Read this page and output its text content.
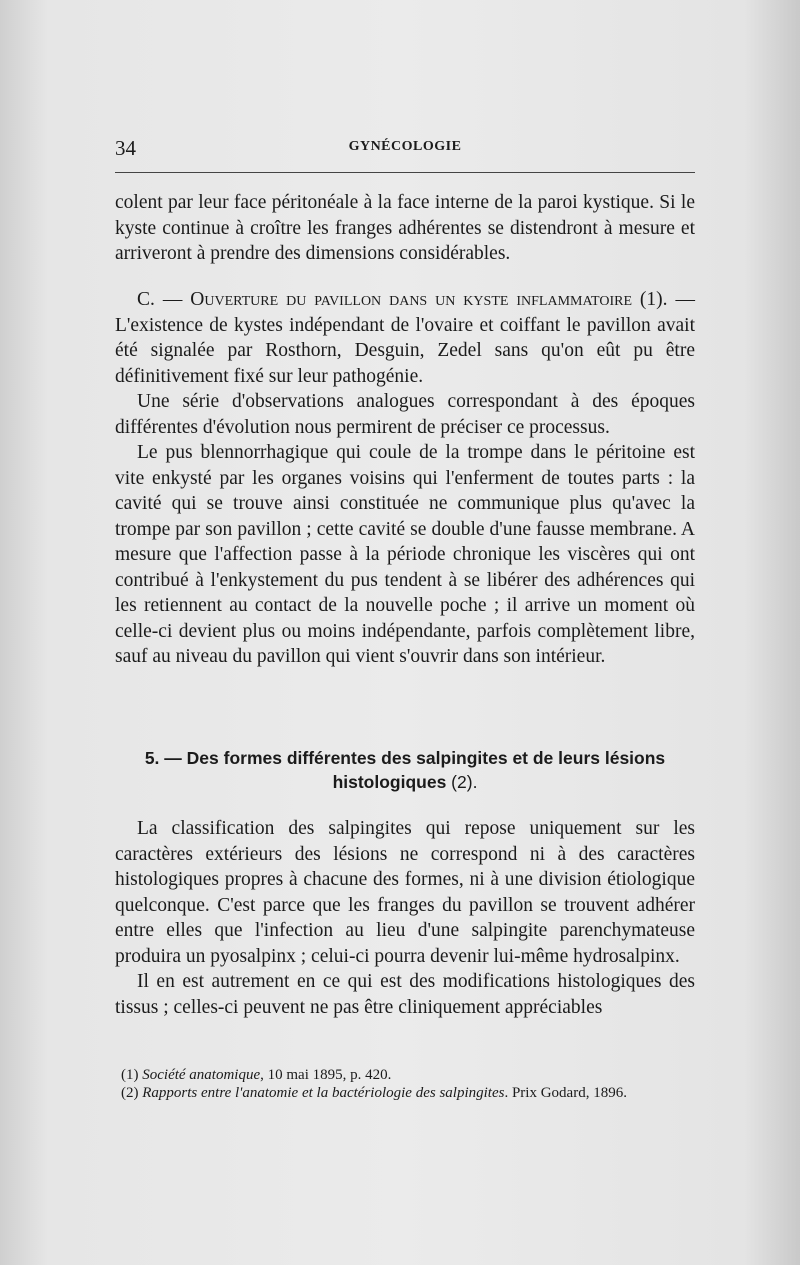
34	GYNÉCOLOGIE

colent par leur face péritonéale à la face interne de la paroi kystique. Si le kyste continue à croître les franges adhérentes se distendront à mesure et arriveront à prendre des dimensions considérables.

C. — Ouverture du pavillon dans un kyste inflammatoire (1). — L'existence de kystes indépendant de l'ovaire et coiffant le pavillon avait été signalée par Rosthorn, Desguin, Zedel sans qu'on eût pu être définitivement fixé sur leur pathogénie.

Une série d'observations analogues correspondant à des époques différentes d'évolution nous permirent de préciser ce processus.

Le pus blennorrhagique qui coule de la trompe dans le péritoine est vite enkysté par les organes voisins qui l'enferment de toutes parts : la cavité qui se trouve ainsi constituée ne communique plus qu'avec la trompe par son pavillon ; cette cavité se double d'une fausse membrane. A mesure que l'affection passe à la période chronique les viscères qui ont contribué à l'enkystement du pus tendent à se libérer des adhérences qui les retiennent au contact de la nouvelle poche ; il arrive un moment où celle-ci devient plus ou moins indépendante, parfois complètement libre, sauf au niveau du pavillon qui vient s'ouvrir dans son intérieur.

5. — Des formes différentes des salpingites et de leurs lésions histologiques (2).

La classification des salpingites qui repose uniquement sur les caractères extérieurs des lésions ne correspond ni à des caractères histologiques propres à chacune des formes, ni à une division étiologique quelconque. C'est parce que les franges du pavillon se trouvent adhérer entre elles que l'infection au lieu d'une salpingite parenchymateuse produira un pyosalpinx ; celui-ci pourra devenir lui-même hydrosalpinx.

Il en est autrement en ce qui est des modifications histologiques des tissus ; celles-ci peuvent ne pas être cliniquement appréciables

(1) Société anatomique, 10 mai 1895, p. 420.

(2) Rapports entre l'anatomie et la bactériologie des salpingites. Prix Godard, 1896.
